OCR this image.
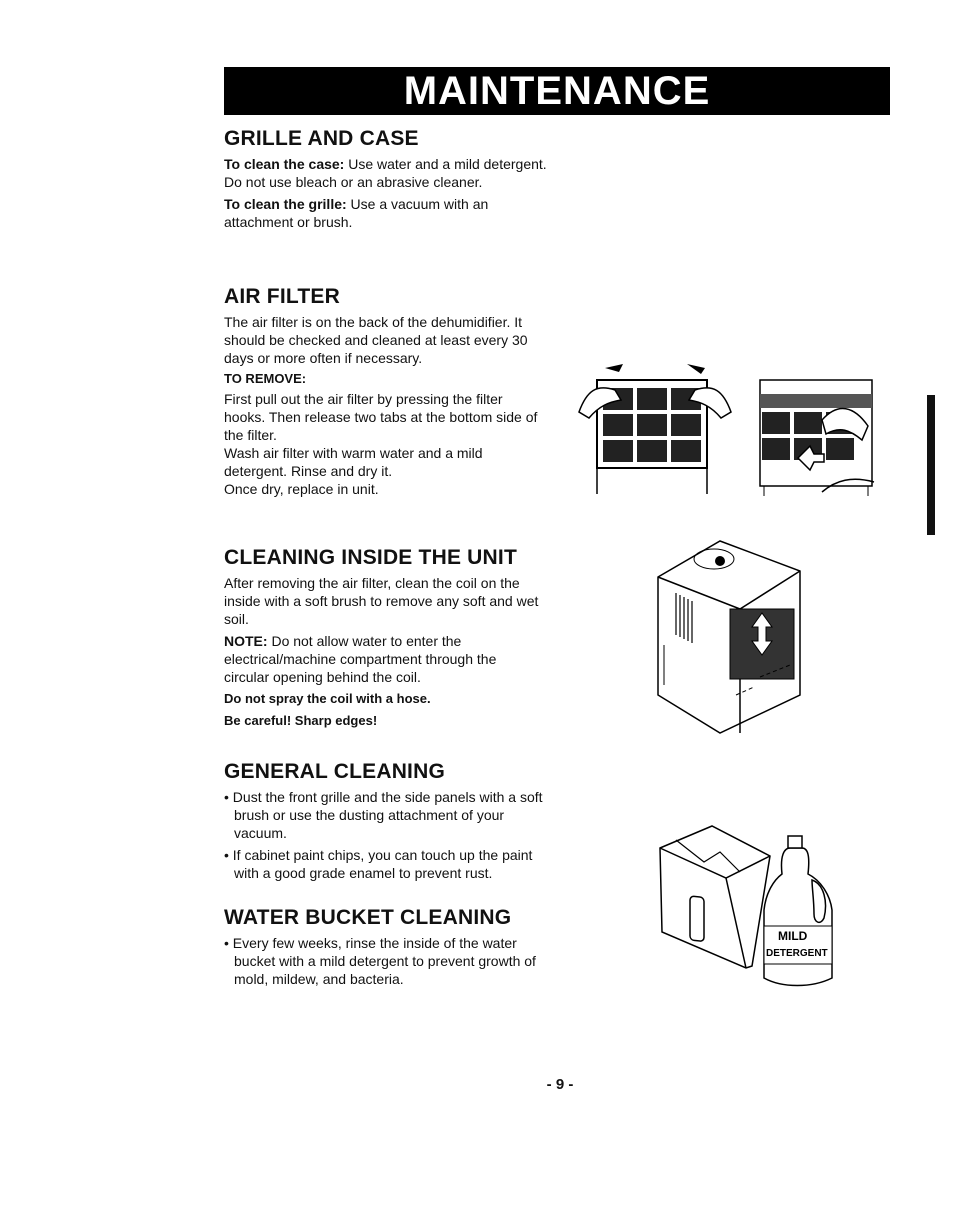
MAINTENANCE
GRILLE AND CASE

To clean the case: Use water and a mild detergent. Do not use bleach or an abrasive cleaner.

To clean the grille: Use a vacuum with an attachment or brush.

AIR FILTER

The air filter is on the back of the dehumidifier. It should be checked and cleaned at least every 30 days or more often if necessary.

TO REMOVE:

First pull out the air filter by pressing the filter hooks. Then release two tabs at the bottom side of the filter.

Wash air filter with warm water and a mild detergent. Rinse and dry it.

Once dry, replace in unit.

CLEANING INSIDE THE UNIT

After removing the air filter, clean the coil on the inside with a soft brush to remove any soft and wet soil.

NOTE: Do not allow water to enter the electrical/machine compartment through the circular opening behind the coil.

Do not spray the coil with a hose.

Be careful! Sharp edges!

GENERAL CLEANING

• Dust the front grille and the side panels with a soft brush or use the dusting attachment of your vacuum.

• If cabinet paint chips, you can touch up the paint with a good grade enamel to prevent rust.

WATER BUCKET CLEANING

• Every few weeks, rinse the inside of the water bucket with a mild detergent to prevent growth of mold, mildew, and bacteria.

MILD
DETERGENT
- 9 -
